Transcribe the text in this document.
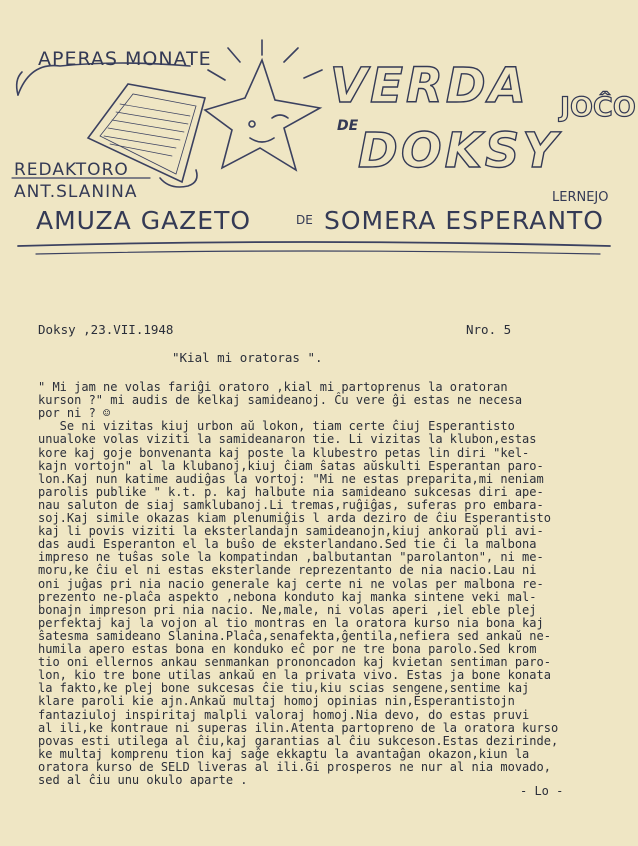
APERAS MONATE
REDAKTORO
ANT.SLANINA
AMUZA GAZETO	DE SOMERA ESPERANTO
VERDA
DE DOKSY
JOĈO
LERNEJO
Doksy ,23.VII.1948	Nro. 5
"Kial mi oratoras ".
" Mi jam ne volas fariĝi oratoro ,kial mi partoprenus la oratoran
kurson ?" mi audis de kelkaj samideanoj. Ĉu vere ĝi estas ne necesa
por ni ? ☺
Se ni vizitas kiuj urbon aŭ lokon, tiam certe ĉiuj Esperantisto
unualoke volas viziti la samideanaron tie. Li vizitas la klubon,estas
kore kaj goje bonvenanta kaj poste la klubestro petas lin diri "kel-
kajn vortojn" al la klubanoj,kiuj ĉiam ŝatas aŭskulti Esperantan paro-
lon.Kaj nun katime audiĝas la vortoj: "Mi ne estas preparita,mi neniam
parolis publike " k.t. p. kaj halbute nia samideano sukcesas diri ape-
nau saluton de siaj samklubanoj.Li tremas,ruĝiĝas, suferas pro embara-
soj.Kaj simile okazas kiam plenumiĝis l arda deziro de ĉiu Esperantisto
kaj li povis viziti la eksterlandajn samideanojn,kiuj ankoraŭ pli avi-
das audi Esperanton el la buŝo de eksterlandano.Sed tie ĉi la malbona
impreso ne tuŝas sole la kompatindan ,balbutantan "parolanton", ni me-
moru,ke ĉiu el ni estas eksterlande reprezentanto de nia nacio.Lau ni
oni juĝas pri nia nacio generale kaj certe ni ne volas per malbona re-
prezento ne-plaĉa aspekto ,nebona konduto kaj manka sintene veki mal-
bonajn impreson pri nia nacio. Ne,male, ni volas aperi ,iel eble plej
perfektaj kaj la vojon al tio montras en la oratora kurso nia bona kaj
ŝatesma samideano Slanina.Plaĉa,senafekta,ĝentila,nefiera sed ankaŭ ne-
humila apero estas bona en konduko eĉ por ne tre bona parolo.Sed krom
tio oni ellernos ankau senmankan prononcadon kaj kvietan sentiman paro-
lon, kio tre bone utilas ankaŭ en la privata vivo. Estas ja bone konata
la fakto,ke plej bone sukcesas ĉie tiu,kiu scias sengene,sentime kaj
klare paroli kie ajn.Ankaŭ multaj homoj opinias nin,Esperantistojn
fantaziuloj inspiritaj malpli valoraj homoj.Nia devo, do estas pruvi
al ili,ke kontraue ni superas ilin.Atenta partopreno de la oratora kurso
povas esti utilega al ĉiu,kaj garantias al ĉiu sukceson.Estas dezirinde,
ke multaj komprenu tion kaj saĝe ekkaptu la avantaĝan okazon,kiun la
oratora kurso de SELD liveras al ili.Ĝi prosperos ne nur al nia movado,
sed al ĉiu unu okulo aparte .
- Lo -
